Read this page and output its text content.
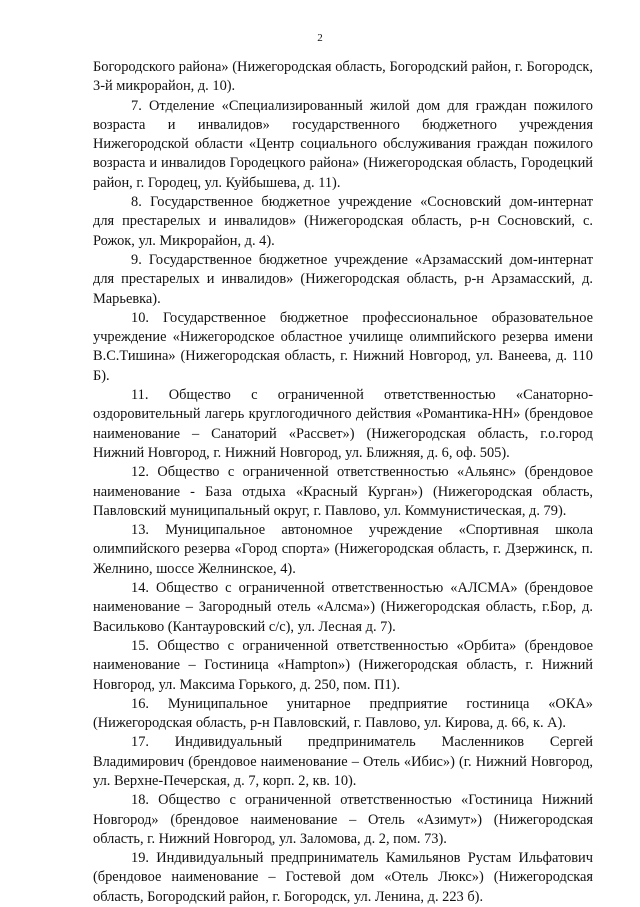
2

Богородского района» (Нижегородская область, Богородский район, г. Богородск, 3-й микрорайон, д. 10).

7. Отделение «Специализированный жилой дом для граждан пожилого возраста и инвалидов» государственного бюджетного учреждения Нижегородской области «Центр социального обслуживания граждан пожилого возраста и инвалидов Городецкого района» (Нижегородская область, Городецкий район, г. Городец, ул. Куйбышева, д. 11).

8. Государственное бюджетное учреждение «Сосновский дом-интернат для престарелых и инвалидов» (Нижегородская область, р-н Сосновский, с. Рожок, ул. Микрорайон, д. 4).

9. Государственное бюджетное учреждение «Арзамасский дом-интернат для престарелых и инвалидов» (Нижегородская область, р-н Арзамасский, д. Марьевка).

10. Государственное бюджетное профессиональное образовательное учреждение «Нижегородское областное училище олимпийского резерва имени В.С.Тишина» (Нижегородская область, г. Нижний Новгород, ул. Ванеева, д. 110 Б).

11. Общество с ограниченной ответственностью «Санаторно-оздоровительный лагерь круглогодичного действия «Романтика-НН» (брендовое наименование – Санаторий «Рассвет») (Нижегородская область, г.о.город Нижний Новгород, г. Нижний Новгород, ул. Ближняя, д. 6, оф. 505).

12. Общество с ограниченной ответственностью «Альянс» (брендовое наименование - База отдыха «Красный Курган») (Нижегородская область, Павловский муниципальный округ, г. Павлово, ул. Коммунистическая, д. 79).

13. Муниципальное автономное учреждение «Спортивная школа олимпийского резерва «Город спорта» (Нижегородская область, г. Дзержинск, п. Желнино, шоссе Желнинское, 4).

14. Общество с ограниченной ответственностью «АЛСМА» (брендовое наименование – Загородный отель «Алсма») (Нижегородская область, г.Бор, д. Васильково (Кантауровский с/с), ул. Лесная д. 7).

15. Общество с ограниченной ответственностью «Орбита» (брендовое наименование – Гостиница «Hampton») (Нижегородская область, г. Нижний Новгород, ул. Максима Горького, д. 250, пом. П1).

16. Муниципальное унитарное предприятие гостиница «ОКА» (Нижегородская область, р-н Павловский, г. Павлово, ул. Кирова, д. 66, к. А).

17. Индивидуальный предприниматель Масленников Сергей Владимирович (брендовое наименование – Отель «Ибис») (г. Нижний Новгород, ул. Верхне-Печерская, д. 7, корп. 2, кв. 10).

18. Общество с ограниченной ответственностью «Гостиница Нижний Новгород» (брендовое наименование – Отель «Азимут») (Нижегородская область, г. Нижний Новгород, ул. Заломова, д. 2, пом. 73).

19. Индивидуальный предприниматель Камильянов Рустам Ильфатович (брендовое наименование – Гостевой дом «Отель Люкс») (Нижегородская область, Богородский район, г. Богородск, ул. Ленина, д. 223 б).
